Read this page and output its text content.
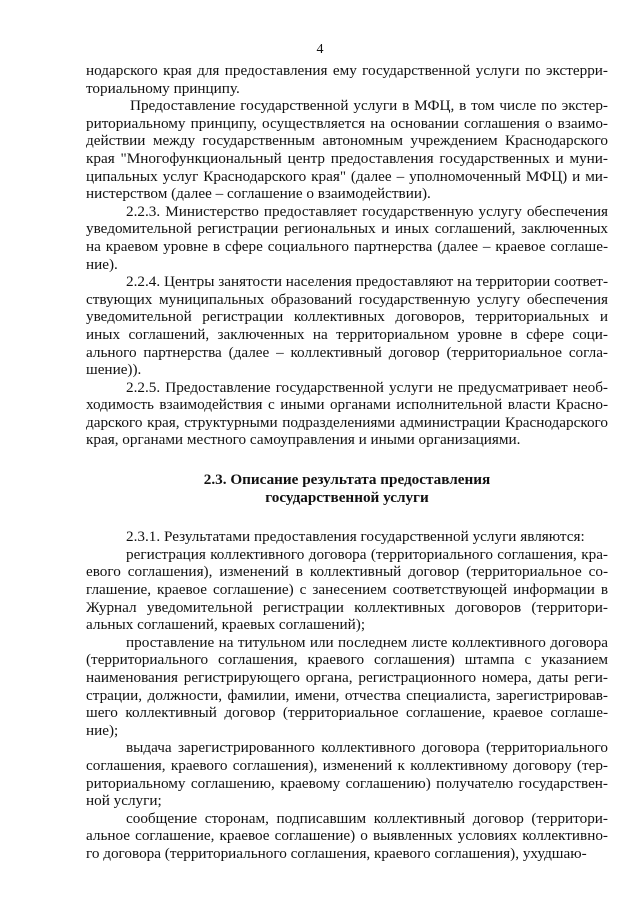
4

нодарского края для предоставления ему государственной услуги по экстерри-ториальному принципу.

Предоставление государственной услуги в МФЦ, в том числе по экстер-риториальному принципу, осуществляется на основании соглашения о взаимо-действии между государственным автономным учреждением Краснодарского края "Многофункциональный центр предоставления государственных и муни-ципальных услуг Краснодарского края" (далее – уполномоченный МФЦ) и ми-нистерством (далее – соглашение о взаимодействии).

2.2.3. Министерство предоставляет государственную услугу обеспечения уведомительной регистрации региональных и иных соглашений, заключенных на краевом уровне в сфере социального партнерства (далее – краевое соглаше-ние).

2.2.4. Центры занятости населения предоставляют на территории соответ-ствующих муниципальных образований государственную услугу обеспечения уведомительной регистрации коллективных договоров, территориальных и иных соглашений, заключенных на территориальном уровне в сфере соци-ального партнерства (далее – коллективный договор (территориальное согла-шение)).

2.2.5. Предоставление государственной услуги не предусматривает необ-ходимость взаимодействия с иными органами исполнительной власти Красно-дарского края, структурными подразделениями администрации Краснодарского края, органами местного самоуправления и иными организациями.

2.3. Описание результата предоставления
государственной услуги

2.3.1. Результатами предоставления государственной услуги являются:

регистрация коллективного договора (территориального соглашения, кра-евого соглашения), изменений в коллективный договор (территориальное со-глашение, краевое соглашение) с занесением соответствующей информации в Журнал уведомительной регистрации коллективных договоров (территори-альных соглашений, краевых соглашений);

проставление на титульном или последнем листе коллективного договора (территориального соглашения, краевого соглашения) штампа с указанием наименования регистрирующего органа, регистрационного номера, даты реги-страции, должности, фамилии, имени, отчества специалиста, зарегистрировав-шего коллективный договор (территориальное соглашение, краевое соглаше-ние);

выдача зарегистрированного коллективного договора (территориального соглашения, краевого соглашения), изменений к коллективному договору (тер-риториальному соглашению, краевому соглашению) получателю государствен-ной услуги;

сообщение сторонам, подписавшим коллективный договор (территори-альное соглашение, краевое соглашение) о выявленных условиях коллективно-го договора (территориального соглашения, краевого соглашения), ухудшаю-
